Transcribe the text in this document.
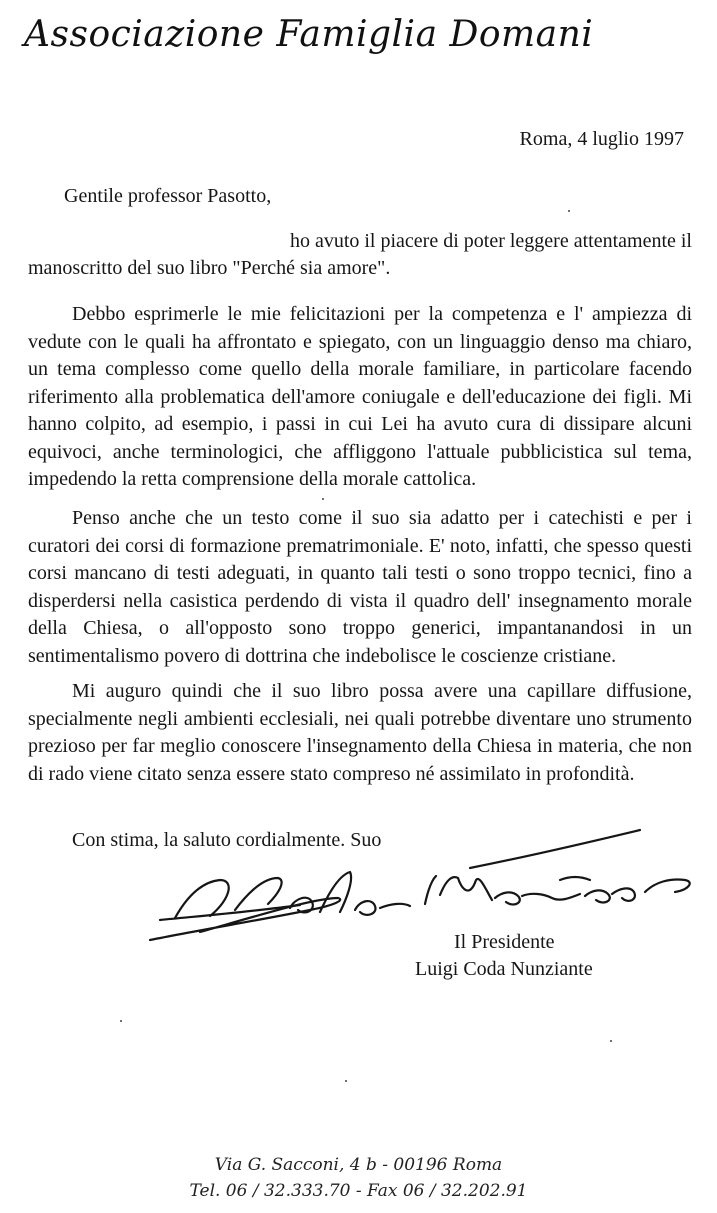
Associazione Famiglia Domani
Roma, 4 luglio 1997
Gentile professor Pasotto,
ho avuto il piacere di poter leggere attentamente il
manoscritto del suo libro "Perché sia amore".

Debbo esprimerle le mie felicitazioni per la competenza e l' ampiezza di vedute con le quali ha affrontato e spiegato, con un linguaggio denso ma chiaro, un tema complesso come quello della morale familiare, in particolare facendo riferimento alla problematica dell'amore coniugale e dell'educazione dei figli. Mi hanno colpito, ad esempio, i passi in cui Lei ha avuto cura di dissipare alcuni equivoci, anche terminologici, che affliggono l'attuale pubblicistica sul tema, impedendo la retta comprensione della morale cattolica.

Penso anche che un testo come il suo sia adatto per i catechisti e per i curatori dei corsi di formazione prematrimoniale. E' noto, infatti, che spesso questi corsi mancano di testi adeguati, in quanto tali testi o sono troppo tecnici, fino a disperdersi nella casistica perdendo di vista il quadro dell' insegnamento morale della Chiesa, o all'opposto sono troppo generici, impantanandosi in un sentimentalismo povero di dottrina che indebolisce le coscienze cristiane.

Mi auguro quindi che il suo libro possa avere una capillare diffusione, specialmente negli ambienti ecclesiali, nei quali potrebbe diventare uno strumento prezioso per far meglio conoscere l'insegnamento della Chiesa in materia, che non di rado viene citato senza essere stato compreso né assimilato in profondità.

Con stima, la saluto cordialmente. Suo
Il Presidente
Luigi Coda Nunziante
Via G. Sacconi, 4 b - 00196 Roma
Tel. 06 / 32.333.70 - Fax 06 / 32.202.91
